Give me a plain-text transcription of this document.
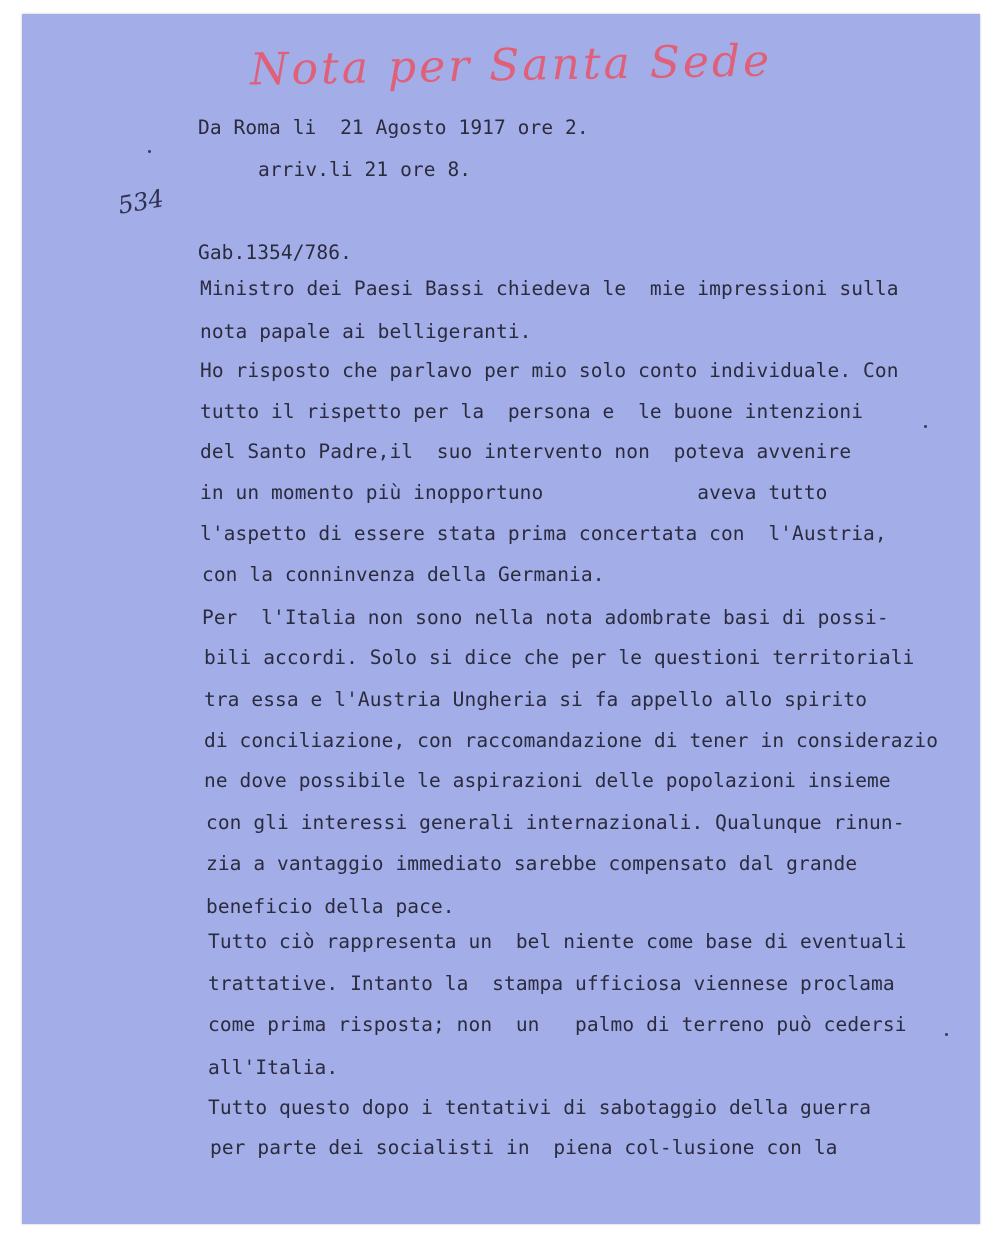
Nota per Santa Sede

Da Roma li  21 Agosto 1917 ore 2.

arriv.li 21 ore 8.

534

Gab.1354/786.

Ministro dei Paesi Bassi chiedeva le  mie impressioni sulla

nota papale ai belligeranti.

Ho risposto che parlavo per mio solo conto individuale. Con

tutto il rispetto per la  persona e  le buone intenzioni

del Santo Padre,il  suo intervento non  poteva avvenire

in un momento più inopportuno             aveva tutto

l'aspetto di essere stata prima concertata con  l'Austria,

con la conninvenza della Germania.

Per  l'Italia non sono nella nota adombrate basi di possi-

bili accordi. Solo si dice che per le questioni territoriali

tra essa e l'Austria Ungheria si fa appello allo spirito

di conciliazione, con raccomandazione di tener in considerazio

ne dove possibile le aspirazioni delle popolazioni insieme

con gli interessi generali internazionali. Qualunque rinun-

zia a vantaggio immediato sarebbe compensato dal grande

beneficio della pace.

Tutto ciò rappresenta un  bel niente come base di eventuali

trattative. Intanto la  stampa ufficiosa viennese proclama

come prima risposta; non  un   palmo di terreno può cedersi

all'Italia.

Tutto questo dopo i tentativi di sabotaggio della guerra

per parte dei socialisti in  piena col-lusione con la
